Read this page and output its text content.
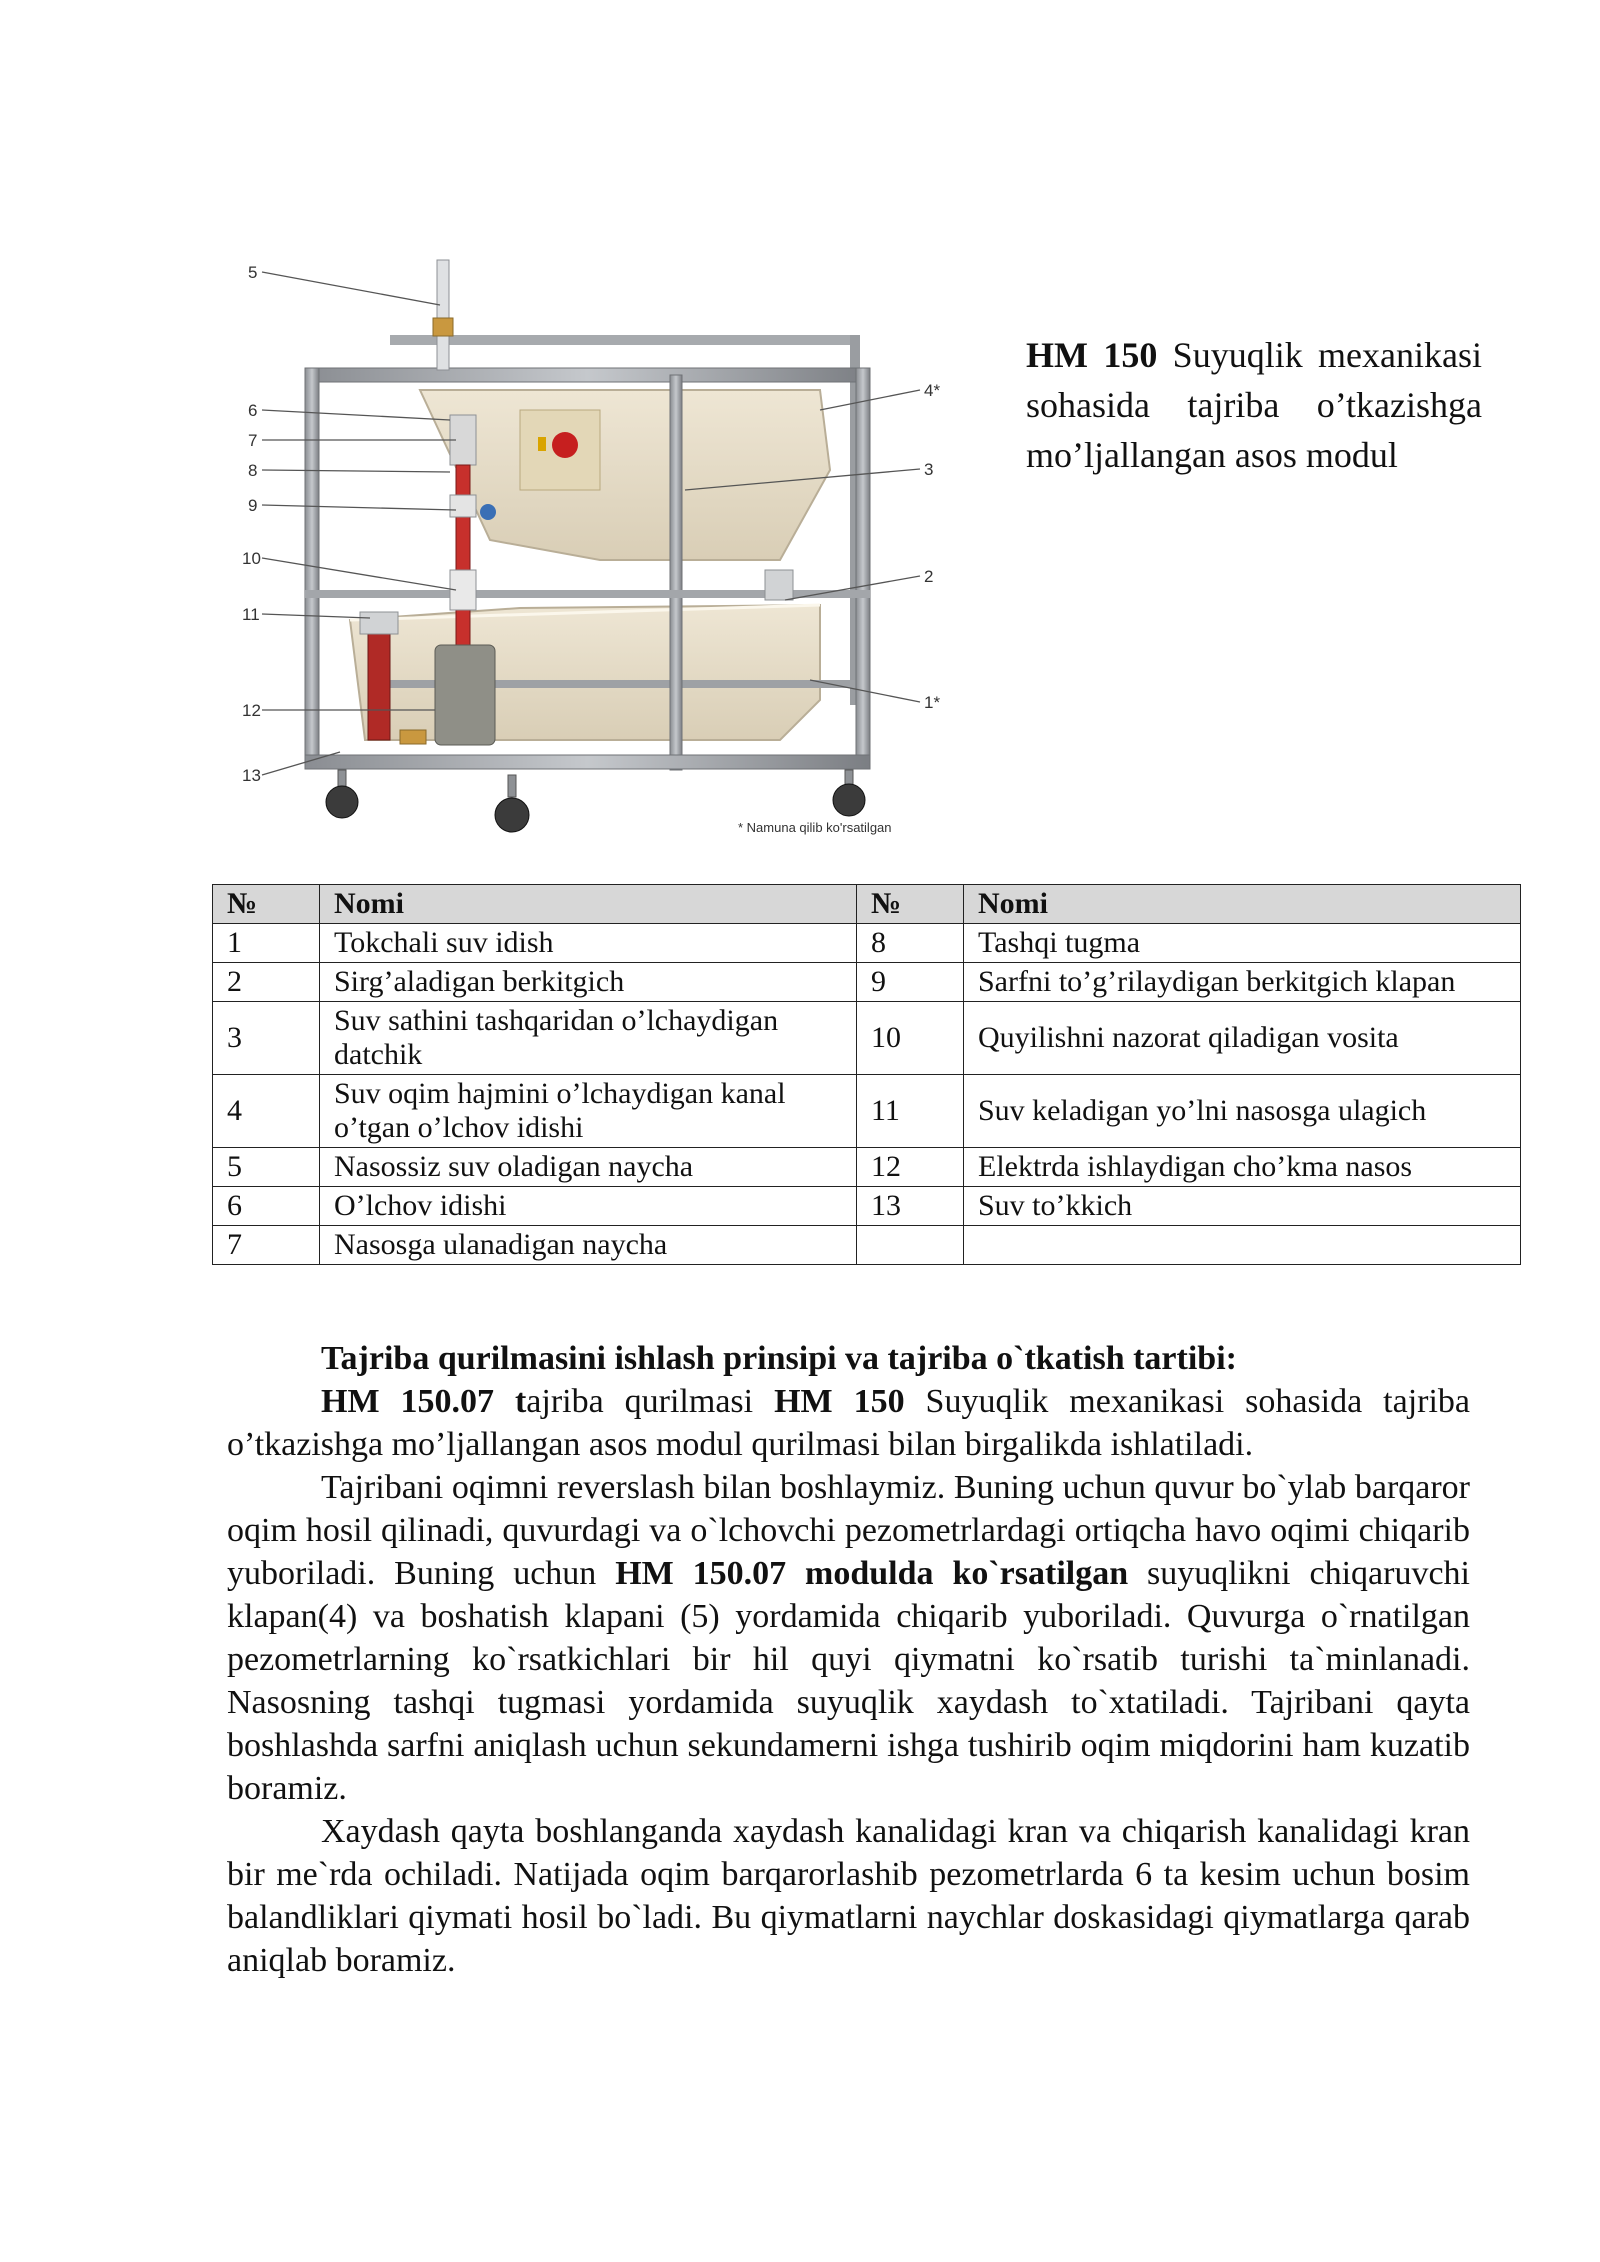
5
6
7
8
9
10
11
12
13
4*
3
2
1*
* Namuna qilib ko'rsatilgan
HM 150 Suyuqlik mexanikasi sohasida tajriba o’tkazishga mo’ljallangan asos modul
№	Nomi	№	Nomi
1	Tokchali suv idish	8	Tashqi tugma
2	Sirg’aladigan berkitgich	9	Sarfni to’g’rilaydigan berkitgich klapan
3	Suv sathini tashqaridan o’lchaydigan datchik	10	Quyilishni nazorat qiladigan vosita
4	Suv oqim hajmini o’lchaydigan kanal o’tgan o’lchov idishi	11	Suv keladigan yo’lni nasosga ulagich
5	Nasossiz suv oladigan naycha	12	Elektrda ishlaydigan cho’kma nasos
6	O’lchov idishi	13	Suv to’kkich
7	Nasosga ulanadigan naycha		
Tajriba qurilmasini ishlash prinsipi va tajriba o`tkatish tartibi:

HM 150.07 tajriba qurilmasi HM 150 Suyuqlik mexanikasi sohasida tajriba o’tkazishga mo’ljallangan asos modul qurilmasi bilan birgalikda ishlatiladi.

Tajribani oqimni reverslash bilan boshlaymiz. Buning uchun quvur bo`ylab barqaror oqim hosil qilinadi, quvurdagi va o`lchovchi pezometrlardagi ortiqcha havo oqimi chiqarib yuboriladi. Buning uchun HM 150.07 modulda ko`rsatilgan suyuqlikni chiqaruvchi klapan(4) va boshatish klapani (5) yordamida chiqarib yuboriladi. Quvurga o`rnatilgan pezometrlarning ko`rsatkichlari bir hil quyi qiymatni ko`rsatib turishi ta`minlanadi. Nasosning tashqi tugmasi yordamida suyuqlik xaydash to`xtatiladi. Tajribani qayta boshlashda sarfni aniqlash uchun sekundamerni ishga tushirib oqim miqdorini ham kuzatib boramiz.

Xaydash qayta boshlanganda xaydash kanalidagi kran va chiqarish kanalidagi kran bir me`rda ochiladi. Natijada oqim barqarorlashib pezometrlarda 6 ta kesim uchun bosim balandliklari qiymati hosil bo`ladi. Bu qiymatlarni naychlar doskasidagi qiymatlarga qarab aniqlab boramiz.
